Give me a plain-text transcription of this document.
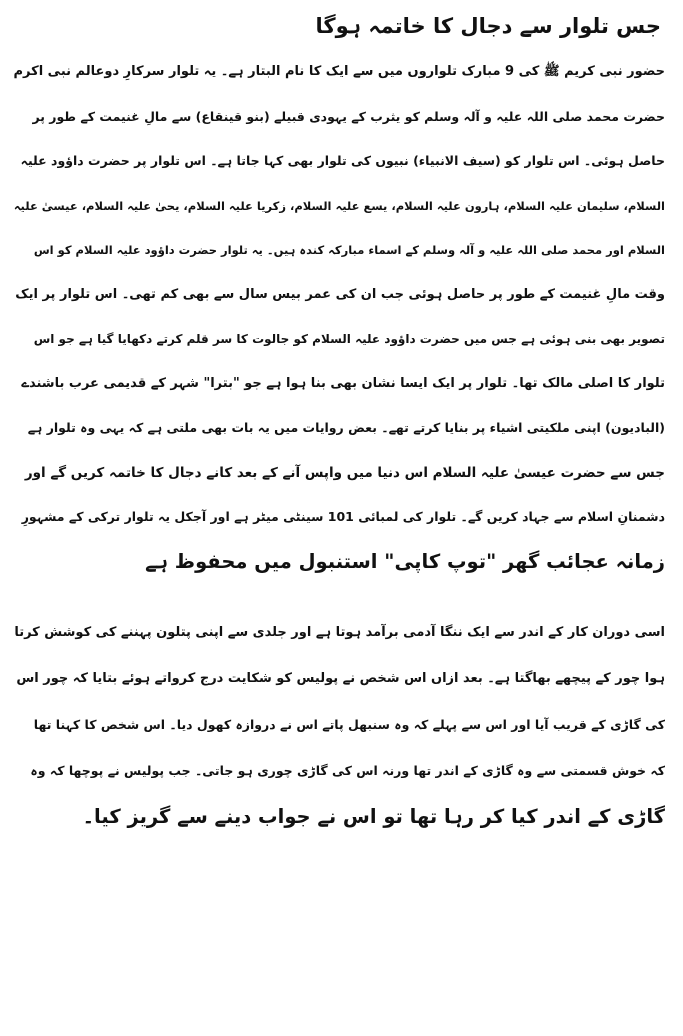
جس تلوار سے دجال کا خاتمہ ہوگا
حضور نبی کریم ﷺ کی 9 مبارک تلواروں میں سے ایک کا نام البتار ہے۔ یہ تلوار سرکارِ دوعالم نبی اکرم
حضرت محمد صلی اللہ علیہ و آلہ وسلم کو یثرب کے یہودی قبیلے (بنو قینقاع) سے مالِ غنیمت کے طور پر
حاصل ہوئی۔ اس تلوار کو (سیف الانبیاء) نبیوں کی تلوار بھی کہا جاتا ہے۔ اس تلوار پر حضرت داؤود علیہ
السلام، سلیمان علیہ السلام، ہارون علیہ السلام، یسع علیہ السلام، زکریا علیہ السلام، یحیٰ علیہ السلام، عیسیٰ علیہ
السلام اور محمد صلی اللہ علیہ و آلہ وسلم کے اسماء مبارکہ کندہ ہیں۔ یہ تلوار حضرت داؤود علیہ السلام کو اس
وقت مالِ غنیمت کے طور پر حاصل ہوئی جب ان کی عمر بیس سال سے بھی کم تھی۔ اس تلوار پر ایک
تصویر بھی بنی ہوئی ہے جس میں حضرت داؤود علیہ السلام کو جالوت کا سر قلم کرتے دکھایا گیا ہے جو اس
تلوار کا اصلی مالک تھا۔ تلوار پر ایک ایسا نشان بھی بنا ہوا ہے جو "بترا" شہر کے قدیمی عرب باشندے
(البادیون) اپنی ملکیتی اشیاء پر بنایا کرتے تھے۔ بعض روایات میں یہ بات بھی ملتی ہے کہ یہی وہ تلوار ہے
جس سے حضرت عیسیٰ علیہ السلام اس دنیا میں واپس آنے کے بعد کانے دجال کا خاتمہ کریں گے اور
دشمنانِ اسلام سے جہاد کریں گے۔ تلوار کی لمبائی 101 سینٹی میٹر ہے اور آجکل یہ تلوار ترکی کے مشہورِ
زمانہ عجائب گھر "توپ کاپی" استنبول میں محفوظ ہے
اسی دوران کار کے اندر سے ایک ننگا آدمی برآمد ہوتا ہے اور جلدی سے اپنی پتلون پہننے کی کوشش کرتا
ہوا چور کے پیچھے بھاگتا ہے۔ بعد ازاں اس شخص نے پولیس کو شکایت درج کرواتے ہوئے بتایا کہ چور اس
کی گاڑی کے قریب آیا اور اس سے پہلے کہ وہ سنبھل پاتے اس نے دروازہ کھول دیا۔ اس شخص کا کہنا تھا
کہ خوش قسمتی سے وہ گاڑی کے اندر تھا ورنہ اس کی گاڑی چوری ہو جاتی۔ جب پولیس نے پوچھا کہ وہ
گاڑی کے اندر کیا کر رہا تھا تو اس نے جواب دینے سے گریز کیا۔
